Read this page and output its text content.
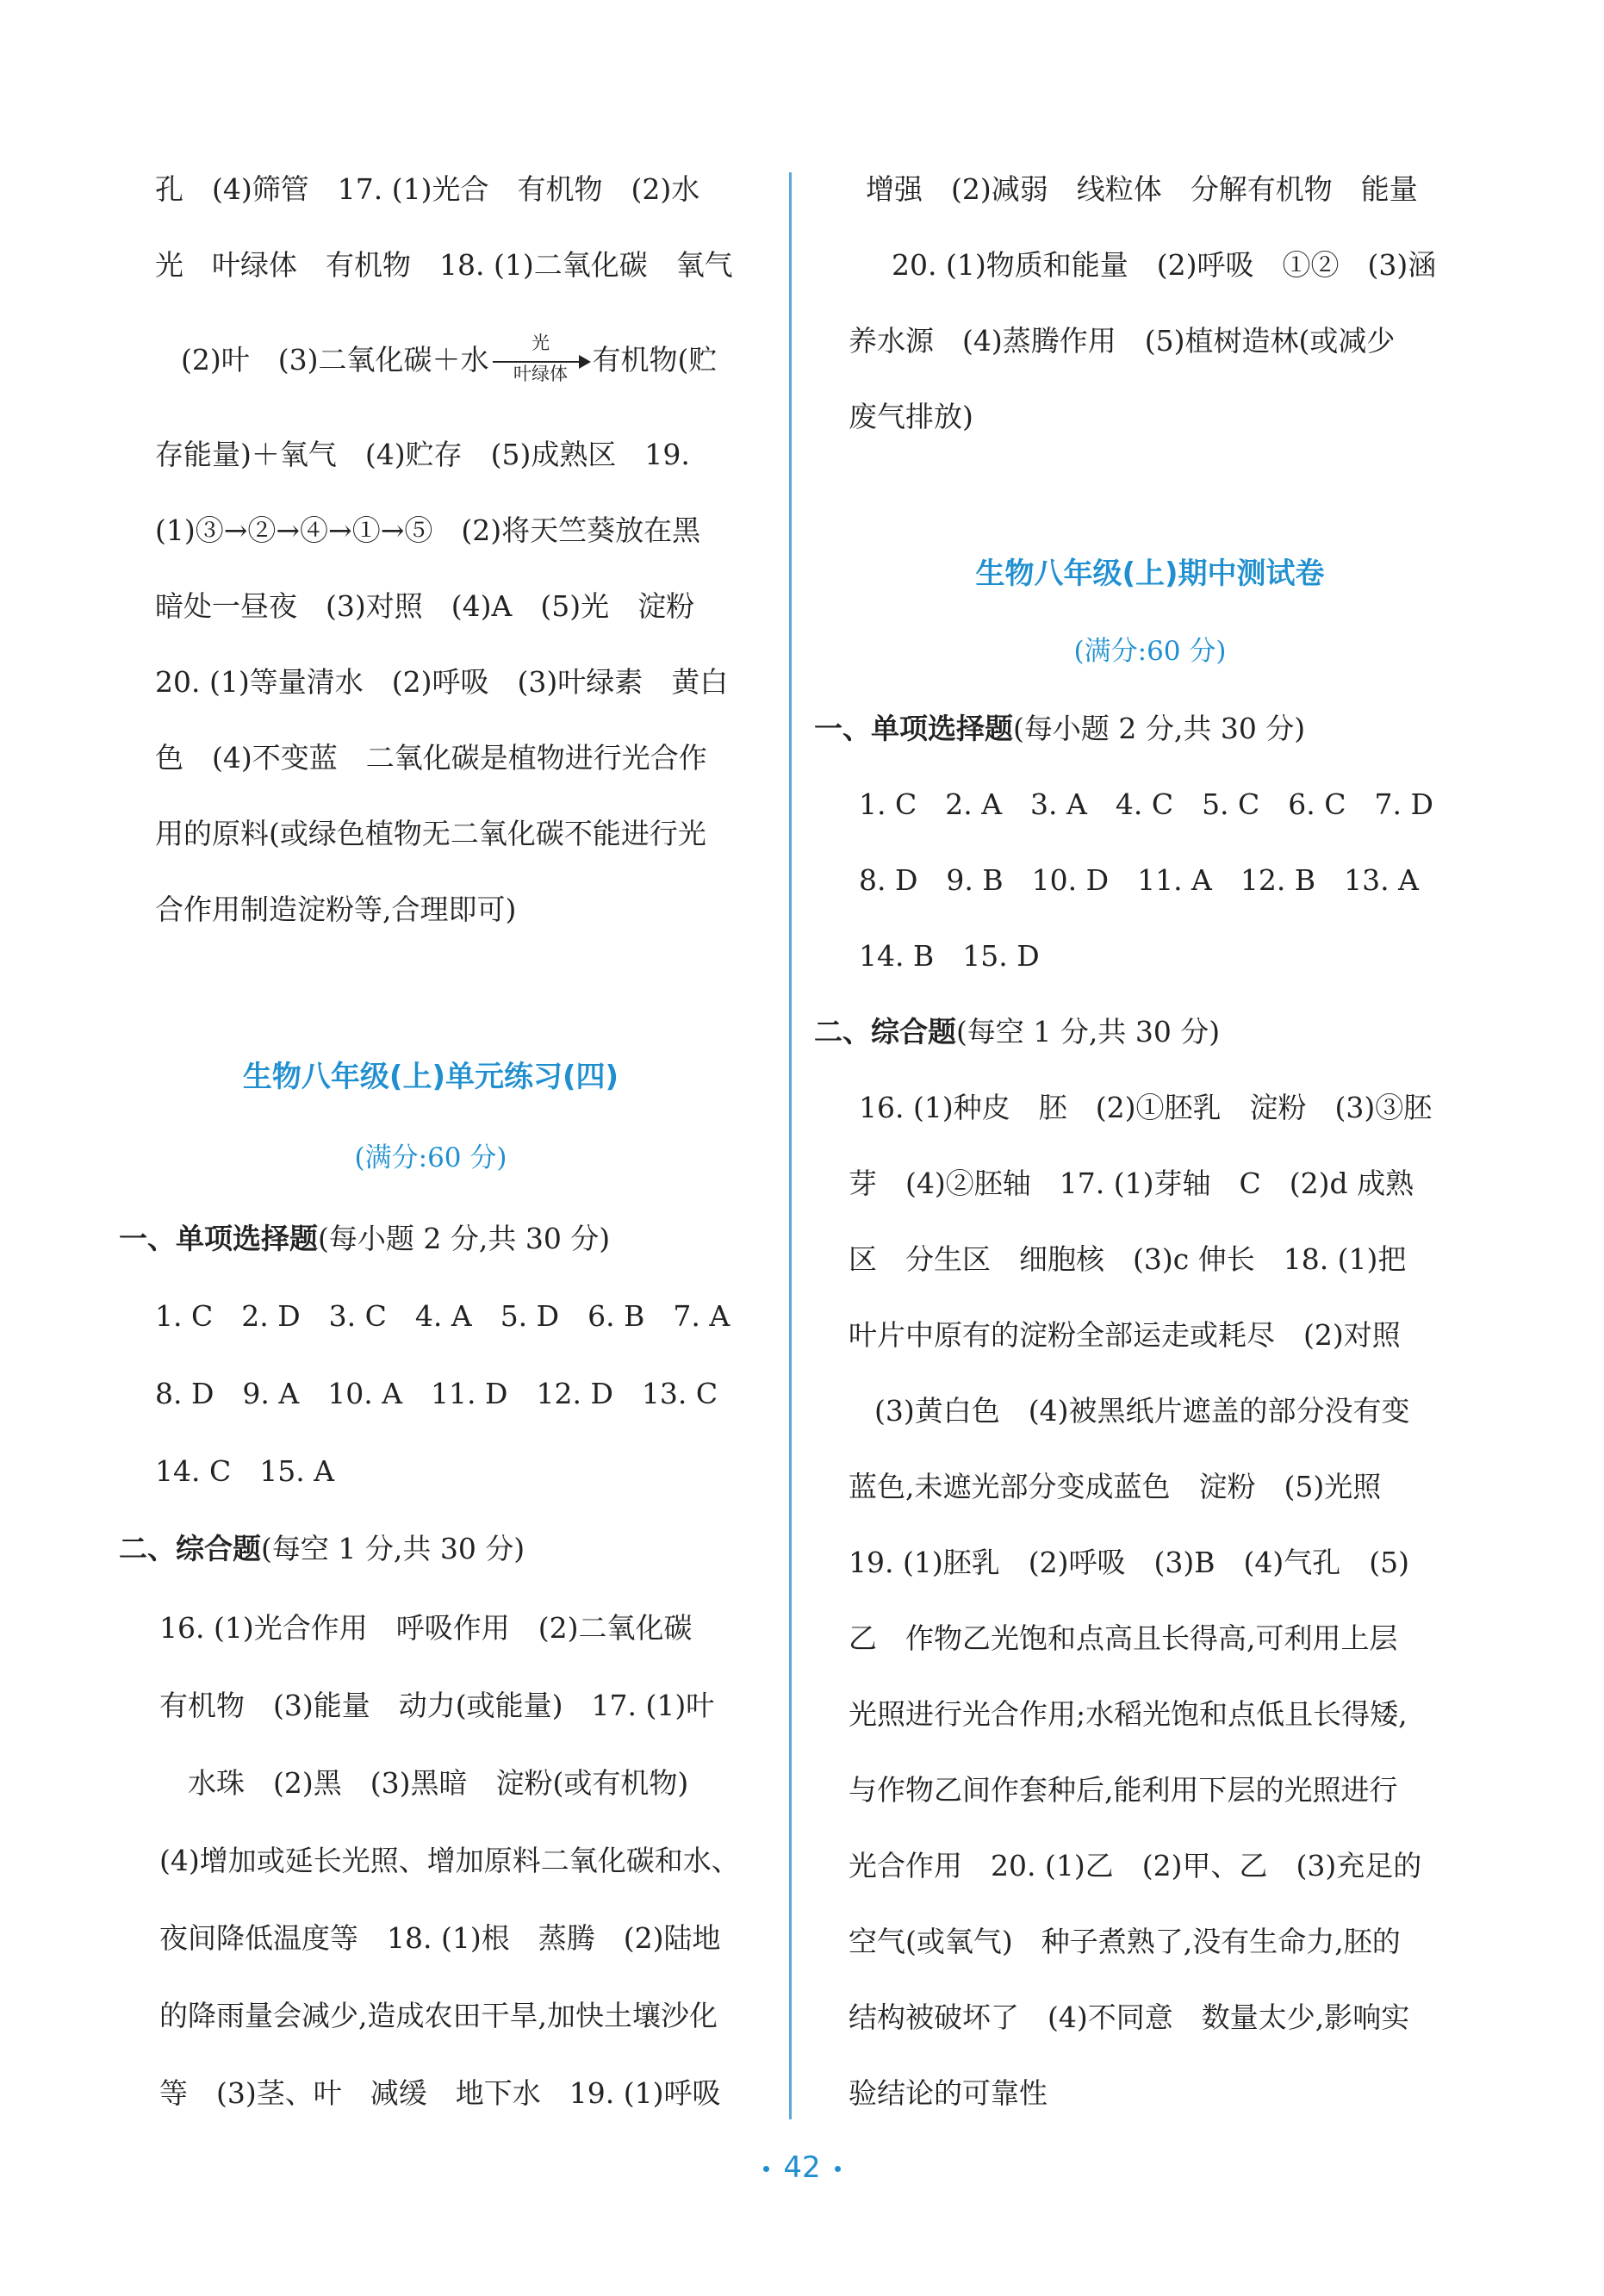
孔　(4)筛管　17. (1)光合　有机物　(2)水
光　叶绿体　有机物　18. (1)二氧化碳　氧气
(2)叶　(3)二氧化碳＋水	光
叶绿体 有机物(贮
存能量)＋氧气　(4)贮存　(5)成熟区　19.
(1)③→②→④→①→⑤　(2)将天竺葵放在黑
暗处一昼夜　(3)对照　(4)A　(5)光　淀粉
20. (1)等量清水　(2)呼吸　(3)叶绿素　黄白
色　(4)不变蓝　二氧化碳是植物进行光合作
用的原料(或绿色植物无二氧化碳不能进行光
合作用制造淀粉等,合理即可)
生物八年级(上)单元练习(四)
(满分:60 分)
一、单项选择题(每小题 2 分,共 30 分)
1. C　2. D　3. C　4. A　5. D　6. B　7. A
8. D　9. A　10. A　11. D　12. D　13. C
14. C　15. A
二、综合题(每空 1 分,共 30 分)
16. (1)光合作用　呼吸作用　(2)二氧化碳
有机物　(3)能量　动力(或能量)　17. (1)叶
水珠　(2)黑　(3)黑暗　淀粉(或有机物)
(4)增加或延长光照、增加原料二氧化碳和水、
夜间降低温度等　18. (1)根　蒸腾　(2)陆地
的降雨量会减少,造成农田干旱,加快土壤沙化
等　(3)茎、叶　减缓　地下水　19. (1)呼吸
增强　(2)减弱　线粒体　分解有机物　能量
20. (1)物质和能量　(2)呼吸　①②　(3)涵
养水源　(4)蒸腾作用　(5)植树造林(或减少
废气排放)
生物八年级(上)期中测试卷
(满分:60 分)
一、单项选择题(每小题 2 分,共 30 分)
1. C　2. A　3. A　4. C　5. C　6. C　7. D
8. D　9. B　10. D　11. A　12. B　13. A
14. B　15. D
二、综合题(每空 1 分,共 30 分)
16. (1)种皮　胚　(2)①胚乳　淀粉　(3)③胚
芽　(4)②胚轴　17. (1)芽轴　C　(2)d 成熟
区　分生区　细胞核　(3)c 伸长　18. (1)把
叶片中原有的淀粉全部运走或耗尽　(2)对照
(3)黄白色　(4)被黑纸片遮盖的部分没有变
蓝色,未遮光部分变成蓝色　淀粉　(5)光照
19. (1)胚乳　(2)呼吸　(3)B　(4)气孔　(5)
乙　作物乙光饱和点高且长得高,可利用上层
光照进行光合作用;水稻光饱和点低且长得矮,
与作物乙间作套种后,能利用下层的光照进行
光合作用　20. (1)乙　(2)甲、乙　(3)充足的
空气(或氧气)　种子煮熟了,没有生命力,胚的
结构被破坏了　(4)不同意　数量太少,影响实
验结论的可靠性
42
